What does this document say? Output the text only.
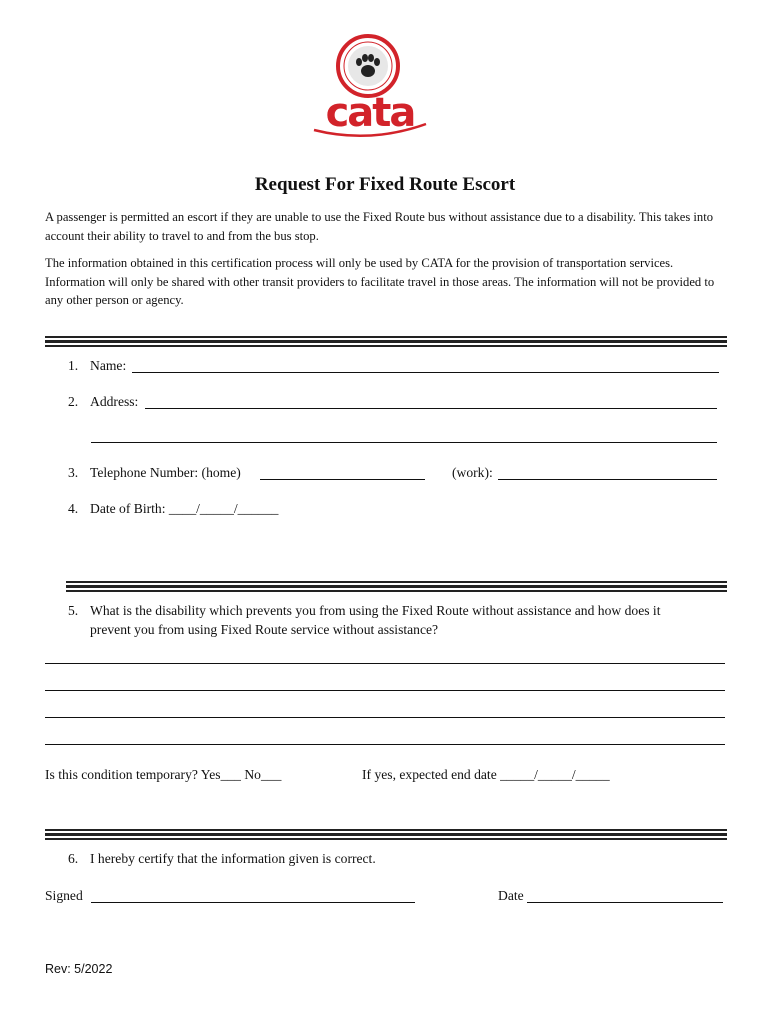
cata
Request For Fixed Route Escort
A passenger is permitted an escort if they are unable to use the Fixed Route bus without assistance due to a disability. This takes into account their ability to travel to and from the bus stop.
The information obtained in this certification process will only be used by CATA for the provision of transportation services. Information will only be shared with other transit providers to facilitate travel in those areas. The information will not be provided to any other person or agency.
1. Name:
2. Address:
3. Telephone Number: (home)	(work):
4. Date of Birth: ____/_____/______
5. What is the disability which prevents you from using the Fixed Route without assistance and how does it
prevent you from using Fixed Route service without assistance?
Is this condition temporary? Yes___ No___	If yes, expected end date _____/_____/_____
6. I hereby certify that the information given is correct.
Signed	Date
Rev: 5/2022
